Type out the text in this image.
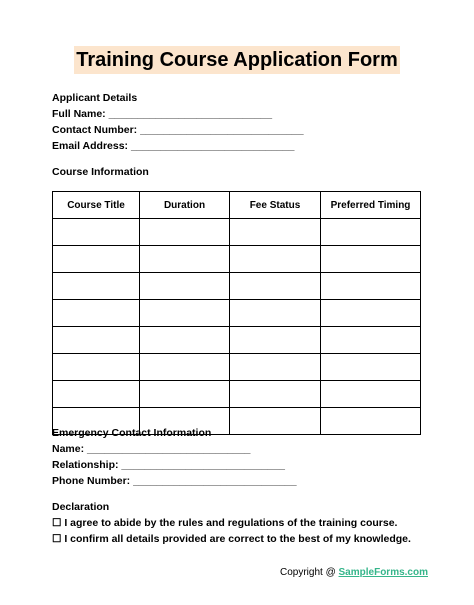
Training Course Application Form
Applicant Details
Full Name: ____________________________
Contact Number: ____________________________
Email Address: ____________________________
Course Information
Course Title	Duration	Fee Status	Preferred Timing

Emergency Contact Information
Name: ____________________________
Relationship: ____________________________
Phone Number: ____________________________
Declaration
☐ I agree to abide by the rules and regulations of the training course.
☐ I confirm all details provided are correct to the best of my knowledge.
Copyright @ SampleForms.com
